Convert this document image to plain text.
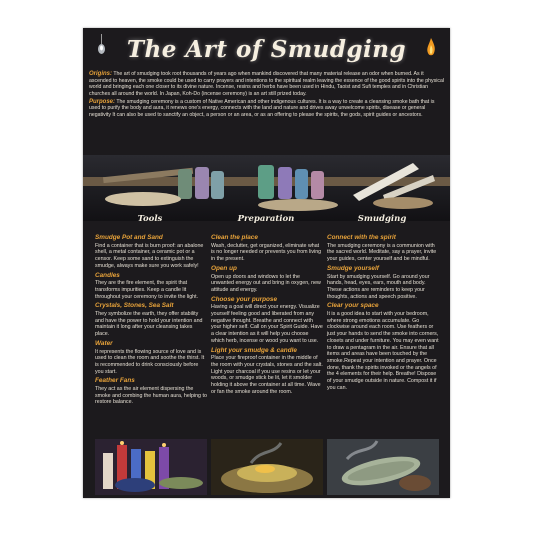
The Art of Smudging

Origins: The art of smudging took root thousands of years ago when mankind discovered that many material release an odor when burned. As it ascended to heaven, the smoke could be used to carry prayers and intentions to the spiritual realm leaving the essence of the good spirits into the physical world and bringing each one closer to its divine nature. Incense, resins and herbs have been used in Hindu, Taoist and Sufi temples and in Christian churches all around the world. In Japan, Koh-Do (incense ceremony) is an art still prized today.

Purpose: The smudging ceremony is a custom of Native American and other indigenous cultures. It is a way to create a cleansing smoke bath that is used to purify the body and aura, it renews one's energy, connects with the land and nature and drives away unwelcome spirits, disease or general negativity It can also be used to sanctify an object, a person or an area, or as an offering to please the spirits, the gods, spirit guides or ancestors.

Tools	Preparation	Smudging
Smudge Pot and Sand

Find a container that is burn proof: an abalone shell, a metal container, a ceramic pot or a censor. Keep some sand to extinguish the smudge, always make sure you work safely!

Candles

They are the fire element, the spirit that transforms impurities. Keep a candle lit throughout your ceremony to invite the light.

Crystals, Stones, Sea Salt

They symbolize the earth, they offer stability and have the power to hold your intention and maintain it long after your cleansing takes place.

Water

It represents the flowing source of love and is used to clean the room and soothe the thirst. It is recommended to drink consciously before you start.

Feather Fans

They act as the air element dispersing the smoke and combing the human aura, helping to restore balance.

Clean the place

Wash, declutter, get organized, eliminate what is no longer needed or prevents you from living in the present.

Open up

Open up doors and windows to let the unwanted energy out and bring in oxygen, new attitude and energy.

Choose your purpose

Having a goal will direct your energy. Visualize yourself feeling good and liberated from any negative thought. Breathe and connect with your higher self. Call on your Spirit Guide. Have a clear intention as it will help you choose which herb, incense or wood you want to use.

Light your smudge & candle

Place your fireproof container in the middle of the room with your crystals, stones and the salt. Light your charcoal if you use resins or let your woods, or smudge stick be lit, let it smolder holding it above the container at all time. Wave or fan the smoke around the room.

Connect with the spirit

The smudging ceremony is a communion with the sacred world. Meditate, say a prayer, invite your guides, center yourself and be mindful.

Smudge yourself

Start by smudging yourself. Go around your hands, head, eyes, ears, mouth and body. These actions are reminders to keep your thoughts, actions and speech positive.

Clear your space

It is a good idea to start with your bedroom, where strong emotions accumulate. Go clockwise around each room. Use feathers or just your hands to send the smoke into corners, closets and under furniture. You may even want to draw a pentagram in the air. Ensure that all items and areas have been touched by the smoke.Repeat your intention and prayer. Once done, thank the spirits invoked or the angels of the 4 elements for their help. Breathe! Dispose of your smudge outside in nature. Compost it if you can.
